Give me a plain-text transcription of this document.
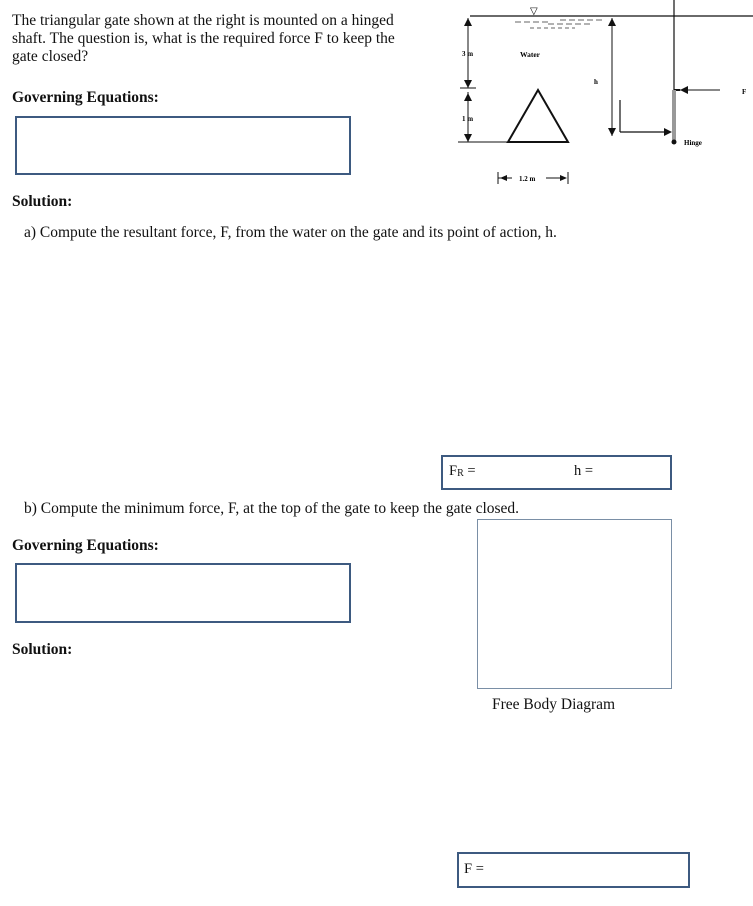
The triangular gate shown at the right is mounted on a hinged
shaft. The question is, what is the required force F to keep the
gate closed?
Governing Equations:
▽
3 m
1 m
Water
1.2 m
h
F
Hinge
Solution:
a) Compute the resultant force, F, from the water on the gate and its point of action, h.
$F_R$ =	h =
b) Compute the minimum force, F, at the top of the gate to keep the gate closed.
Governing Equations:
Free Body Diagram
Solution:
F =
